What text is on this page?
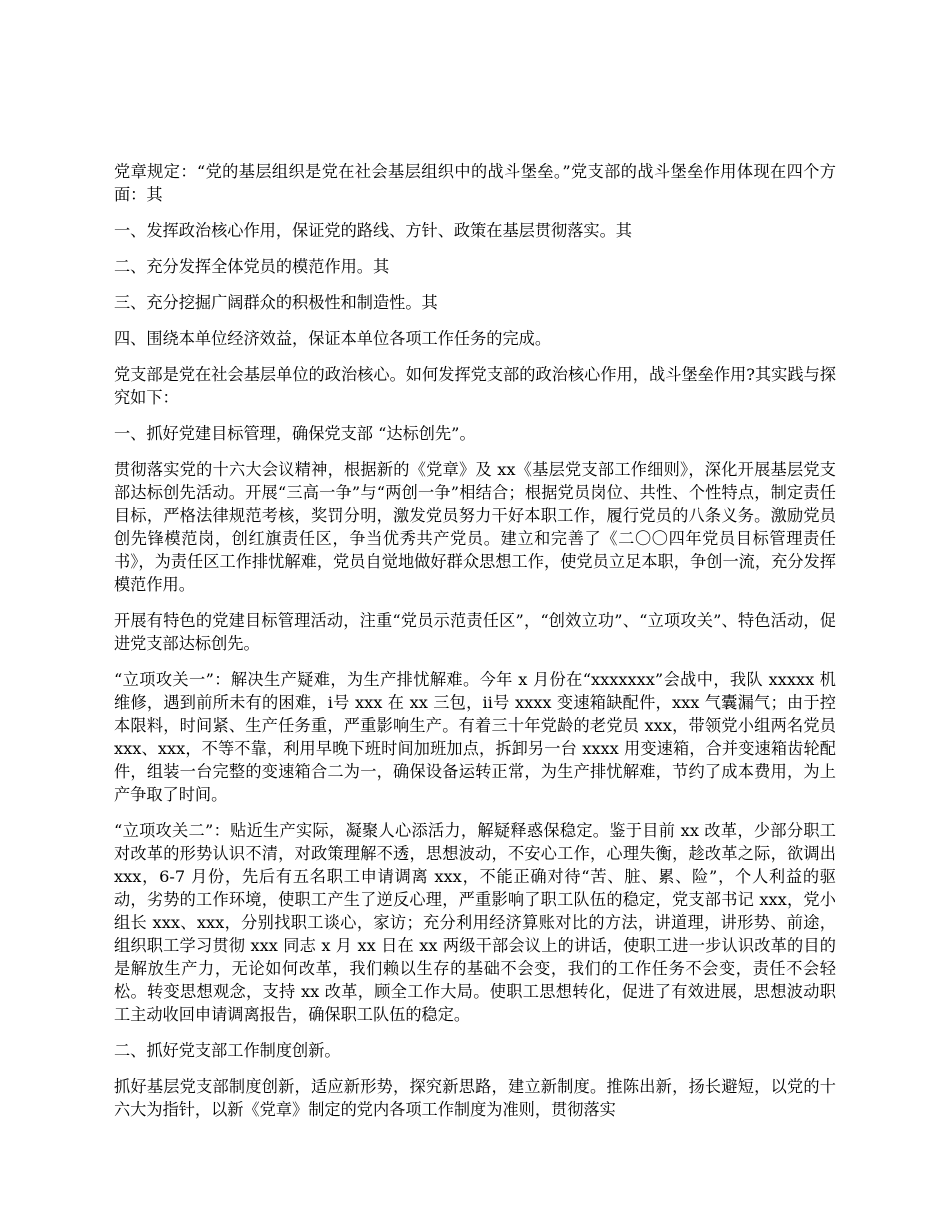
党章规定：“党的基层组织是党在社会基层组织中的战斗堡垒。”党支部的战斗堡垒作用体现在四个方面：其

一、发挥政治核心作用，保证党的路线、方针、政策在基层贯彻落实。其

二、充分发挥全体党员的模范作用。其

三、充分挖掘广阔群众的积极性和制造性。其

四、围绕本单位经济效益，保证本单位各项工作任务的完成。

党支部是党在社会基层单位的政治核心。如何发挥党支部的政治核心作用，战斗堡垒作用?其实践与探究如下：

一、抓好党建目标管理，确保党支部 “达标创先”。

贯彻落实党的十六大会议精神，根据新的《党章》及 xx《基层党支部工作细则》，深化开展基层党支部达标创先活动。开展“三高一争”与“两创一争”相结合；根据党员岗位、共性、个性特点，制定责任目标，严格法律规范考核，奖罚分明，激发党员努力干好本职工作，履行党员的八条义务。激励党员创先锋模范岗，创红旗责任区，争当优秀共产党员。建立和完善了《二〇〇四年党员目标管理责任书》，为责任区工作排忧解难，党员自觉地做好群众思想工作，使党员立足本职，争创一流，充分发挥模范作用。

开展有特色的党建目标管理活动，注重“党员示范责任区”，“创效立功”、“立项攻关”、特色活动，促进党支部达标创先。

“立项攻关一”：解决生产疑难，为生产排忧解难。今年 x 月份在“xxxxxxx”会战中，我队 xxxxx 机维修，遇到前所未有的困难，ⅰ号 xxx 在 xx 三包，ⅱ号 xxxx 变速箱缺配件，xxx 气囊漏气；由于控本限料，时间紧、生产任务重，严重影响生产。有着三十年党龄的老党员 xxx，带领党小组两名党员 xxx、xxx，不等不靠，利用早晚下班时间加班加点，拆卸另一台 xxxx 用变速箱，合并变速箱齿轮配件，组装一台完整的变速箱合二为一，确保设备运转正常，为生产排忧解难，节约了成本费用，为上产争取了时间。

“立项攻关二”：贴近生产实际，凝聚人心添活力，解疑释惑保稳定。鉴于目前 xx 改革，少部分职工对改革的形势认识不清，对政策理解不透，思想波动，不安心工作，心理失衡，趁改革之际，欲调出 xxx，6-7 月份，先后有五名职工申请调离 xxx，不能正确对待“苦、脏、累、险”，个人利益的驱动，劣势的工作环境，使职工产生了逆反心理，严重影响了职工队伍的稳定，党支部书记 xxx，党小组长 xxx、xxx，分别找职工谈心，家访；充分利用经济算账对比的方法，讲道理，讲形势、前途，组织职工学习贯彻 xxx 同志 x 月 xx 日在 xx 两级干部会议上的讲话，使职工进一步认识改革的目的是解放生产力，无论如何改革，我们赖以生存的基础不会变，我们的工作任务不会变，责任不会轻松。转变思想观念，支持 xx 改革，顾全工作大局。使职工思想转化，促进了有效进展，思想波动职工主动收回申请调离报告，确保职工队伍的稳定。

二、抓好党支部工作制度创新。

抓好基层党支部制度创新，适应新形势，探究新思路，建立新制度。推陈出新，扬长避短，以党的十六大为指针，以新《党章》制定的党内各项工作制度为准则，贯彻落实
